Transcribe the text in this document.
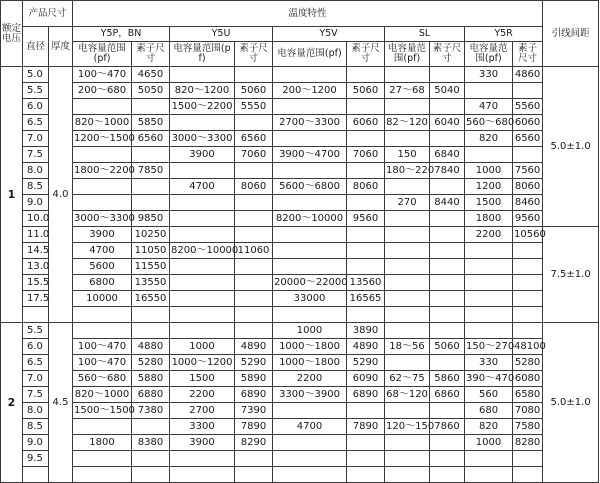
额定电压	产品尺寸		温度特性										引线间距
	直径	厚度	Y5P，BN		Y5U		Y5V		SL		Y5R		
			电容量范围(pf)	素子尺寸	电容量范围(pf)	素子尺寸	电容量范围(pf)	素子尺寸	电容量范围(pf)	素子尺寸	电容量范围(pf)	素子尺寸	
1	5.0	4.0	100～470	4650							330	4860	5.0±1.0
	5.5		200～680	5050	820～1200	5060	200～1200	5060	27～68	5040			
	6.0				1500～2200	5550					470	5560	
	6.5		820～1000	5850			2700～3300	6060	82～120	6040	560～680	6060	
	7.0		1200～1500	6560	3000～3300	6560					820	6560	
	7.5				3900	7060	3900～4700	7060	150	6840			
	8.0		1800～2200	7850					180～220	7840	1000	7560	
	8.5				4700	8060	5600～6800	8060			1200	8060	
	9.0								270	8440	1500	8460	
	10.0		3000～3300	9850			8200～10000	9560			1800	9560	
	11.0		3900	10250							2200	10560	7.5±1.0
	14.5		4700	11050	8200～10000	11060							
	13.0		5600	11550									
	15.5		6800	13550			20000～22000	13560					
	17.5		10000	16550			33000	16565					

2	5.5	4.5					1000	3890					5.0±1.0
	6.0		100～470	4880	1000	4890	1000～1800	4890	18～56	5060	150～270	48100	
	6.5		100～470	5280	1000～1200	5290	1000～1800	5290			330	5280	
	7.0		560～680	5880	1500	5890	2200	6090	62～75	5860	390～470	6080	
	7.5		820～1000	6880	2200	6890	3300～3900	6890	68～120	6860	560	6580	
	8.0		1500～1500	7380	2700	7390					680	7080	
	8.5				3300	7890	4700	7890	120～150	7860	820	7580	
	9.0		1800	8380	3900	8290					1000	8280	
	9.5												
